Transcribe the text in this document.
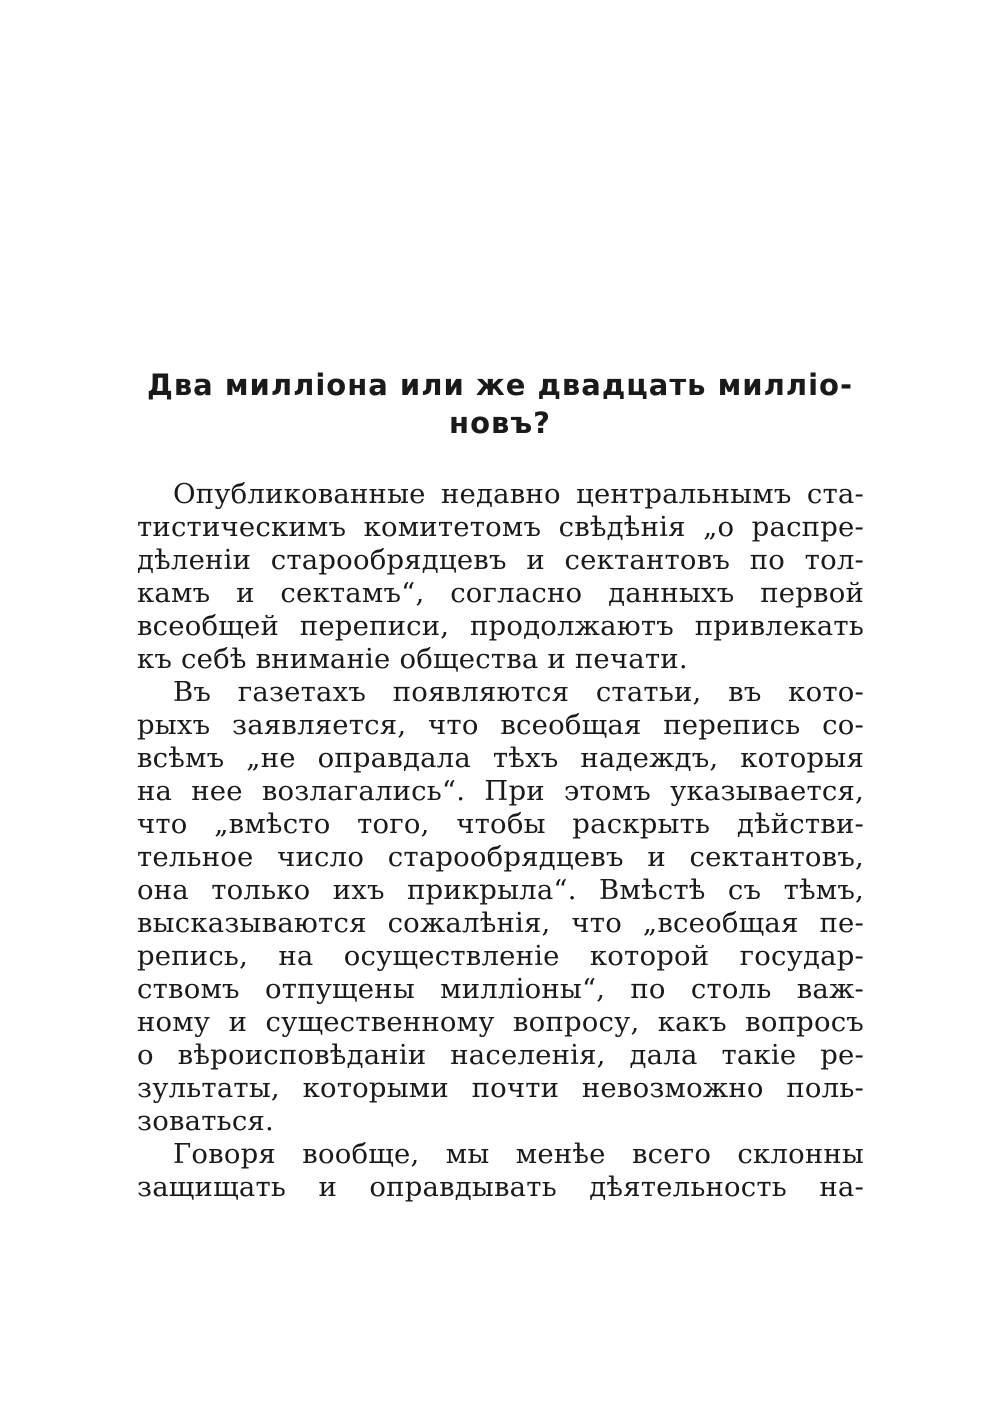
Два милліона или же двадцать милліо-
новъ?
Опубликованные недавно центральнымъ ста-
тистическимъ комитетомъ свѣдѣнія „о распре-
дѣленіи старообрядцевъ и сектантовъ по тол-
камъ и сектамъ“, согласно данныхъ первой
всеобщей переписи, продолжаютъ привлекать
къ себѣ вниманіе общества и печати.
Въ газетахъ появляются статьи, въ кото-
рыхъ заявляется, что всеобщая перепись со-
всѣмъ „не оправдала тѣхъ надеждъ, которыя
на нее возлагались“. При этомъ указывается,
что „вмѣсто того, чтобы раскрыть дѣйстви-
тельное число старообрядцевъ и сектантовъ,
она только ихъ прикрыла“. Вмѣстѣ съ тѣмъ,
высказываются сожалѣнія, что „всеобщая пе-
репись, на осуществленіе которой государ-
ствомъ отпущены милліоны“, по столь важ-
ному и существенному вопросу, какъ вопросъ
о вѣроисповѣданіи населенія, дала такіе ре-
зультаты, которыми почти невозможно поль-
зоваться.
Говоря вообще, мы менѣе всего склонны
защищать и оправдывать дѣятельность на-
